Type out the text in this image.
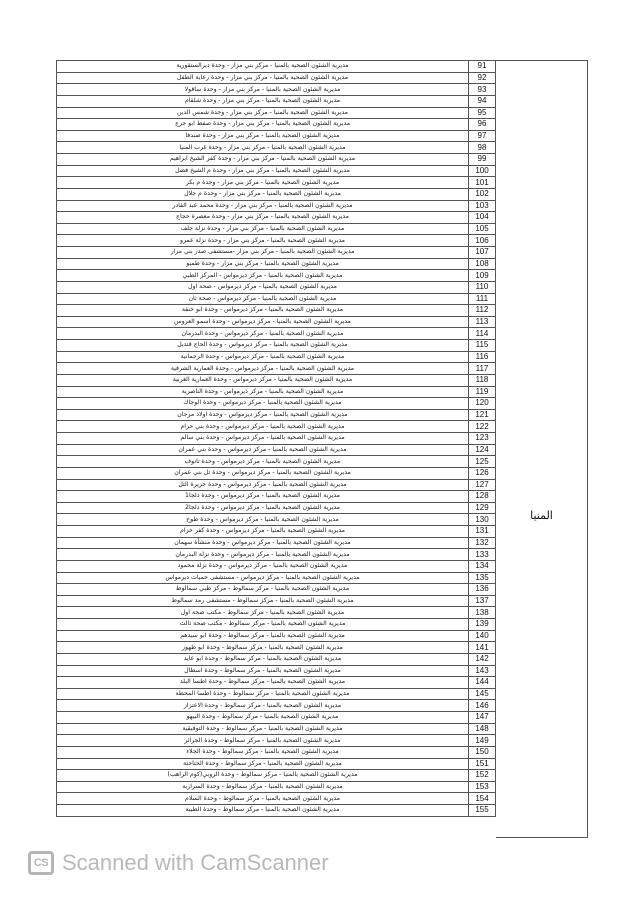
مديرية الشئون الصحية بالمنيا - مركز بني مزار - وحدة ديرالستقورية	91
مديرية الشئون الصحية بالمنيا - مركز بني مزار - وحدة رعاية الطفل	92
مديرية الشئون الصحية بالمنيا - مركز بني مزار - وحدة ساقولا	93
مديرية الشئون الصحية بالمنيا - مركز بني مزار - وحدة شلقام	94
مديرية الشئون الصحية بالمنيا - مركز بني مزار - وحدة شمس الدين	95
مديرية الشئون الصحية بالمنيا - مركز بني مزار - وحدة صفط ابو جرج	96
مديرية الشئون الصحية بالمنيا - مركز بني مزار - وحدة صندفا	97
مديرية الشئون الصحية بالمنيا - مركز بني مزار - وحدة غرب المنيا	98
مديرية الشئون الصحية بالمنيا - مركز بني مزار - وحدة كفر الشيخ ابراهيم	99
مديرية الشئون الصحية بالمنيا - مركز بني مزار - وحدة م الشيخ فضل	100
مديرية الشئون الصحية بالمنيا - مركز بني مزار - وحدة م بكر	101
مديرية الشئون الصحية بالمنيا - مركز بني مزار - وحدة م جلال	102
مديرية الشئون الصحية بالمنيا - مركز بني مزار - وحدة محمد عبد القادر	103
مديرية الشئون الصحية بالمنيا - مركز بني مزار - وحدة معصرة حجاج	104
مديرية الشئون الصحية بالمنيا - مركز بني مزار - وحدة نزلة جلف	105
مديرية الشئون الصحية بالمنيا - مركز بني مزار - وحدة نزلة عمرو	106
مديرية الشئون الصحية بالمنيا - مركز بني مزار -مستشفى صدر بني مزار	107
مديرية الشئون الصحية بالمنيا - مركز بني مزار - وحدة طمبو	108
مديرية الشئون الصحية بالمنيا - مركز ديرمواس - المركز الطبي	109
مديرية الشئون الصحية بالمنيا - مركز ديرمواس - صحة اول	110
مديرية الشئون الصحية بالمنيا - مركز ديرمواس - صحة ثان	111
مديرية الشئون الصحية بالمنيا - مركز ديرمواس - وحدة ابو خنقة	112
مديرية الشئون الصحية بالمنيا - مركز ديرمواس - وحدة اسمو العروس	113
مديرية الشئون الصحية بالمنيا - مركز ديرمواس - وحدة البدرمان	114
مديرية الشئون الصحية بالمنيا - مركز ديرمواس - وحدة الحاج قنديل	115
مديرية الشئون الصحية بالمنيا - مركز ديرمواس - وحدة الرحمانية	116
مديرية الشئون الصحية بالمنيا - مركز ديرمواس - وحدة العمارية الشرقية	117
مديرية الشئون الصحية بالمنيا - مركز ديرمواس - وحدة العمارية الغربية	118
مديرية الشئون الصحية بالمنيا - مركز ديرمواس - وحدة الناصرية	119
مديرية الشئون الصحية بالمنيا - مركز ديرمواس - وحدة الوجاك	120
مديرية الشئون الصحية بالمنيا - مركز ديرمواس - وحدة اولاد مرجان	121
مديرية الشئون الصحية بالمنيا - مركز ديرمواس - وحدة بني حرام	122
مديرية الشئون الصحية بالمنيا - مركز ديرمواس - وحدة بني سالم	123
مديرية الشئون الصحية بالمنيا - مركز ديرمواس - وحدة بني عمران	124
مديرية الشئون الصحية بالمنيا - مركز ديرمواس - وحدة تانوف	125
مديرية الشئون الصحية بالمنيا - مركز ديرمواس - وحدة تل بني عمران	126
مديرية الشئون الصحية بالمنيا - مركز ديرمواس - وحدة جزيرة التل	127
مديرية الشئون الصحية بالمنيا - مركز ديرمواس - وحدة دلجا1	128
مديرية الشئون الصحية بالمنيا - مركز ديرمواس - وحدة دلجا2	129
مديرية الشئون الصحية بالمنيا - مركز ديرمواس - وحدة طوخ	130
مديرية الشئون الصحية بالمنيا - مركز ديرمواس - وحدة كفر خزام	131
مديرية الشئون الصحية بالمنيا - مركز ديرمواس - وحدة منشأة سهمان	132
مديرية الشئون الصحية بالمنيا - مركز ديرمواس - وحدة نزلة البدرمان	133
مديرية الشئون الصحية بالمنيا - مركز ديرمواس - وحدة نزلة محمود	134
مديرية الشئون الصحية بالمنيا - مركز ديرمواس - مستشفى حميات ديرمواس	135
مديرية الشئون الصحية بالمنيا - مركز سمالوط - مركز طبي سمالوط	136
مديرية الشئون الصحية بالمنيا - مركز سمالوط - مستشفى رمد سمالوط	137
مديرية الشئون الصحية بالمنيا - مركز سمالوط - مكتب صحة اول	138
مديرية الشئون الصحية بالمنيا - مركز سمالوط - مكتب صحة ثالث	139
مديرية الشئون الصحية بالمنيا - مركز سمالوط - وحدة ابو سيدهم	140
مديرية الشئون الصحية بالمنيا - مركز سمالوط - وحدة ابو طهور	141
مديرية الشئون الصحية بالمنيا - مركز سمالوط - وحدة ابو عايد	142
مديرية الشئون الصحية بالمنيا - مركز سمالوط - وحدة اسطال	143
مديرية الشئون الصحية بالمنيا - مركز سمالوط - وحدة اطسا البلد	144
مديرية الشئون الصحية بالمنيا - مركز سمالوط - وحدة اطسا المحطة	145
مديرية الشئون الصحية بالمنيا - مركز سمالوط - وحدة الاعتزاز	146
مديرية الشئون الصحية بالمنيا - مركز سمالوط - وحدة البيهو	147
مديرية الشئون الصحية بالمنيا - مركز سمالوط - وحدة التوفيقية	148
مديرية الشئون الصحية بالمنيا - مركز سمالوط - وحدة الجزائر	149
مديرية الشئون الصحية بالمنيا - مركز سمالوط - وحدة الجلاء	150
مديرية الشئون الصحية بالمنيا - مركز سمالوط - وحدة الحتاحتة	151
مديرية الشئون الصحية بالمنيا - مركز سمالوط - وحدة الروبي(كوم الراهب)	152
مديرية الشئون الصحية بالمنيا - مركز سمالوط - وحدة السرارية	153
مديرية الشئون الصحية بالمنيا - مركز سمالوط - وحدة السلام	154
مديرية الشئون الصحية بالمنيا - مركز سمالوط - وحدة الطيبة	155
المنيا
CS Scanned with CamScanner
